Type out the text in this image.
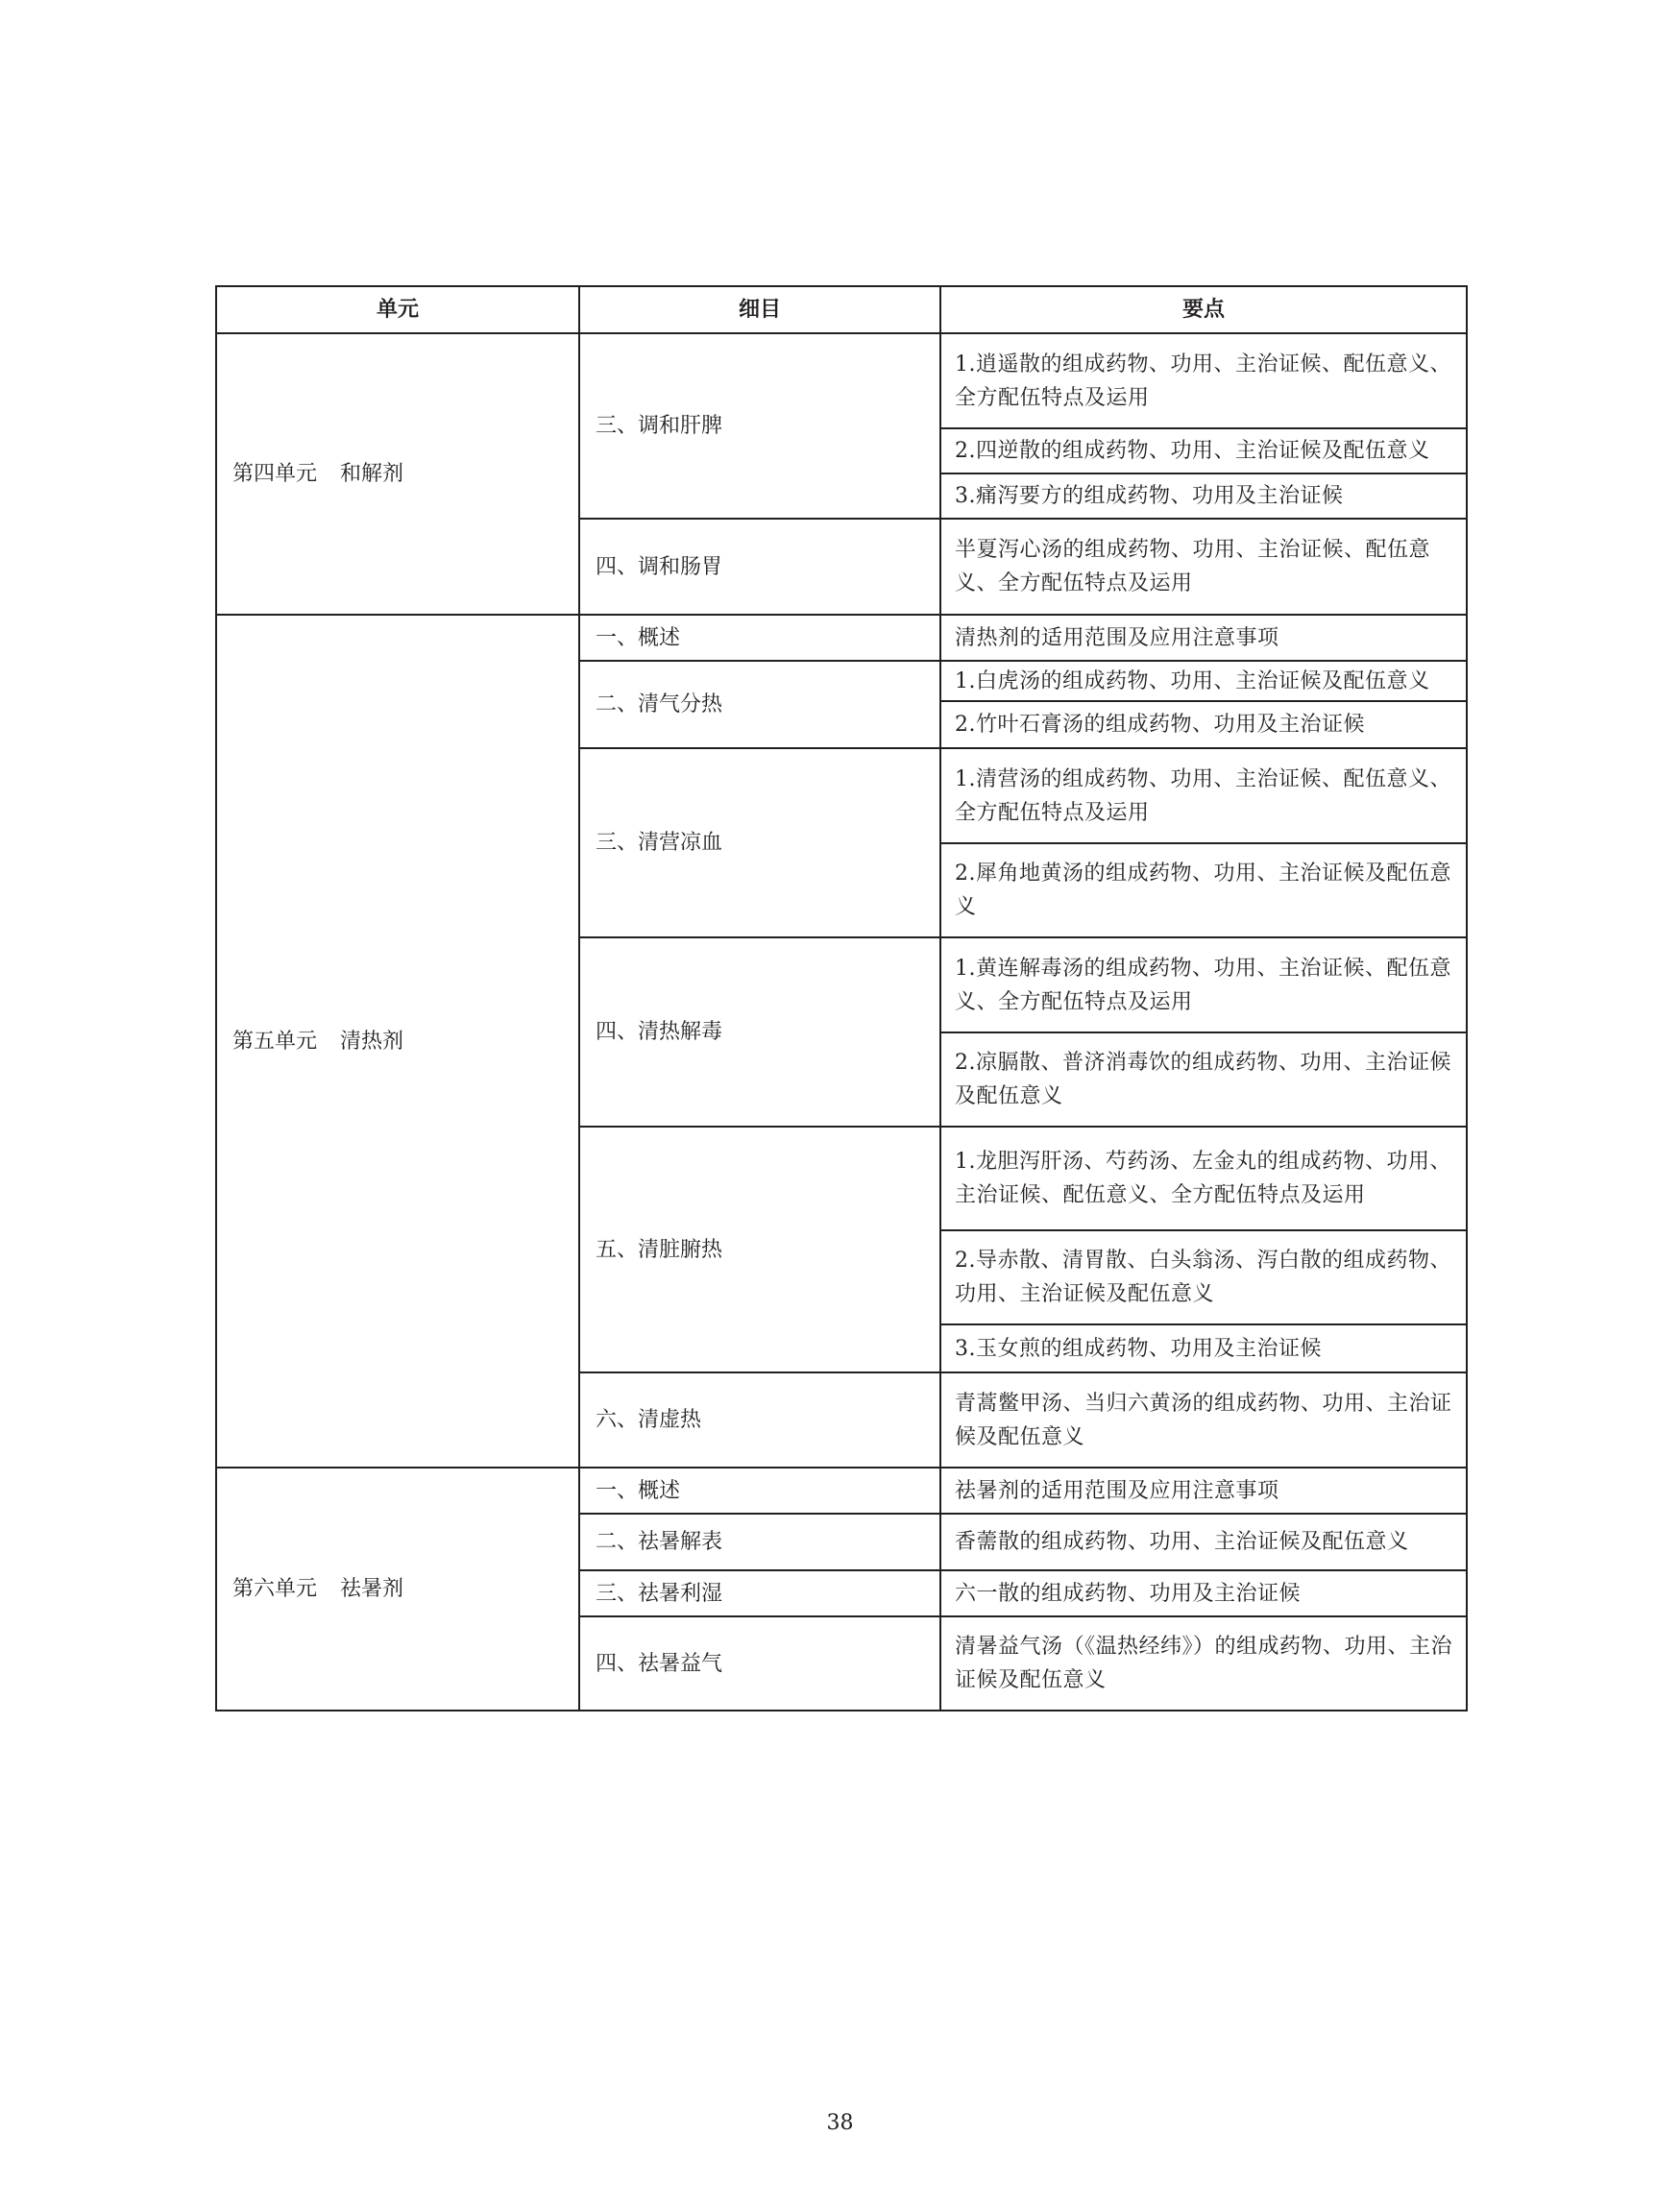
单元	细目	要点
第四单元 和解剂	三、调和肝脾	1.逍遥散的组成药物、功用、主治证候、配伍意义、全方配伍特点及运用
		2.四逆散的组成药物、功用、主治证候及配伍意义
		3.痛泻要方的组成药物、功用及主治证候
	四、调和肠胃	半夏泻心汤的组成药物、功用、主治证候、配伍意义、全方配伍特点及运用
第五单元 清热剂	一、概述	清热剂的适用范围及应用注意事项
	二、清气分热	1.白虎汤的组成药物、功用、主治证候及配伍意义
		2.竹叶石膏汤的组成药物、功用及主治证候
	三、清营凉血	1.清营汤的组成药物、功用、主治证候、配伍意义、全方配伍特点及运用
		2.犀角地黄汤的组成药物、功用、主治证候及配伍意义
	四、清热解毒	1.黄连解毒汤的组成药物、功用、主治证候、配伍意义、全方配伍特点及运用
		2.凉膈散、普济消毒饮的组成药物、功用、主治证候及配伍意义
	五、清脏腑热	1.龙胆泻肝汤、芍药汤、左金丸的组成药物、功用、主治证候、配伍意义、全方配伍特点及运用
		2.导赤散、清胃散、白头翁汤、泻白散的组成药物、功用、主治证候及配伍意义
		3.玉女煎的组成药物、功用及主治证候
	六、清虚热	青蒿鳖甲汤、当归六黄汤的组成药物、功用、主治证候及配伍意义
第六单元 祛暑剂	一、概述	祛暑剂的适用范围及应用注意事项
	二、祛暑解表	香薷散的组成药物、功用、主治证候及配伍意义
	三、祛暑利湿	六一散的组成药物、功用及主治证候
	四、祛暑益气	清暑益气汤（《温热经纬》）的组成药物、功用、主治证候及配伍意义
38
